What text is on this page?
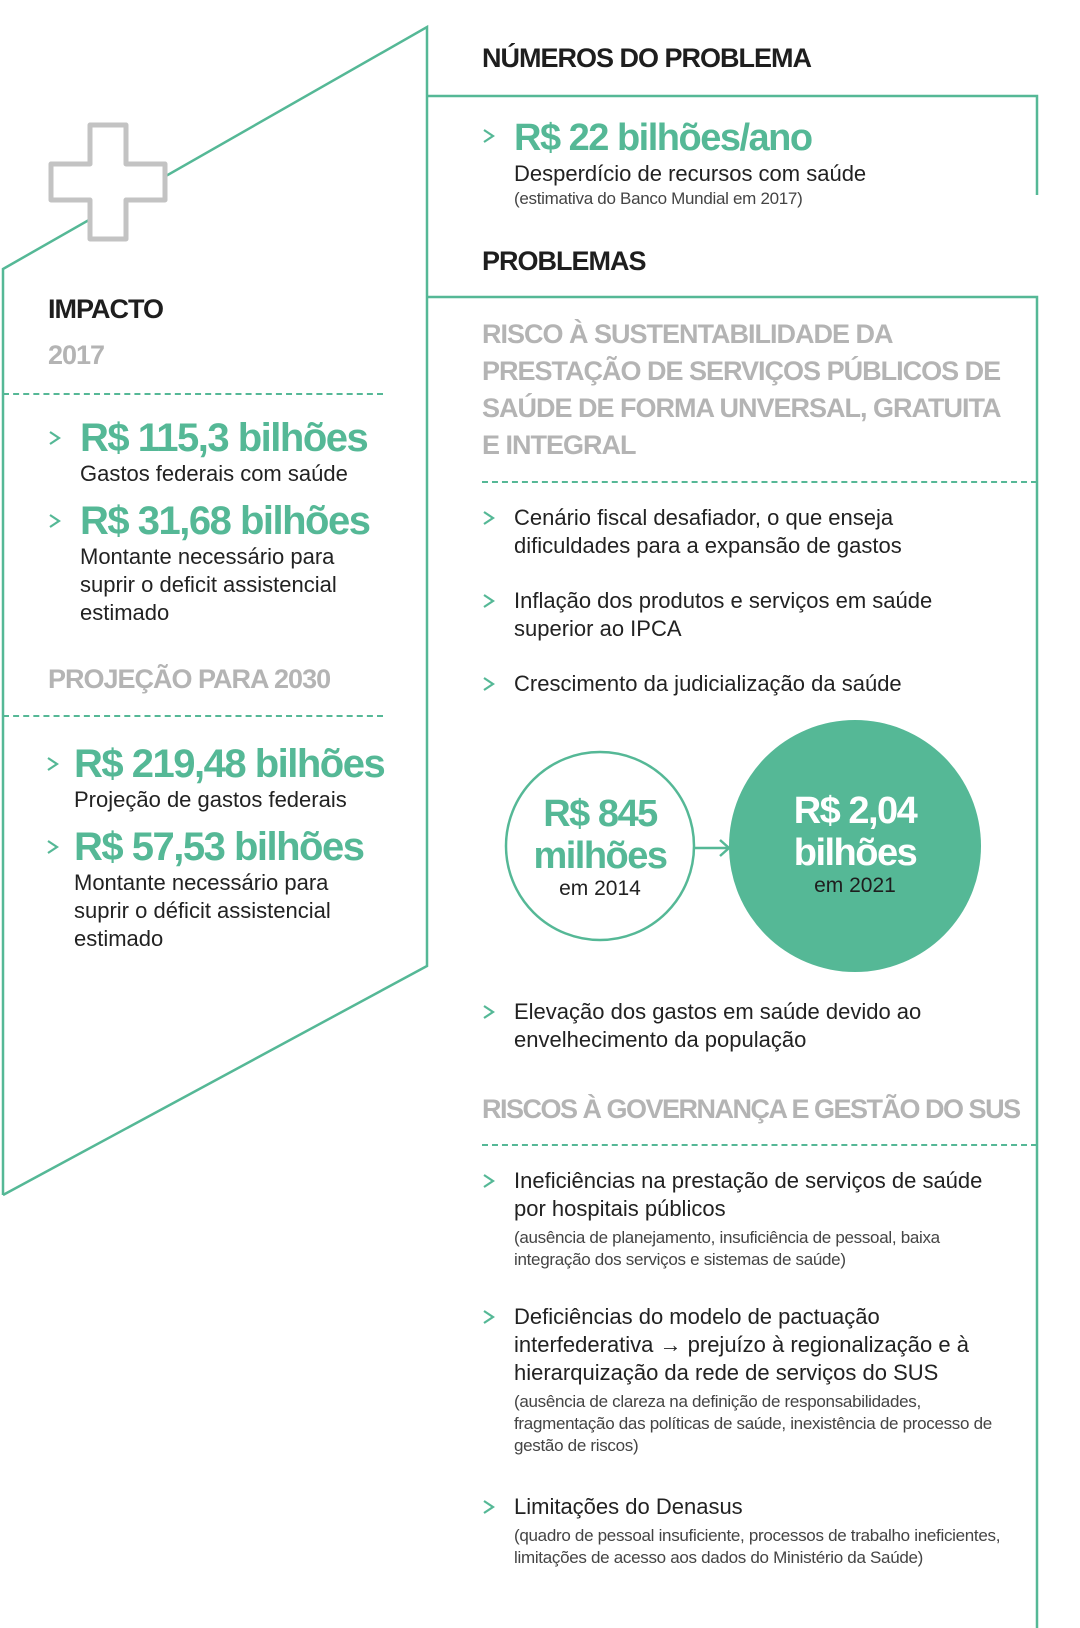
IMPACTO
2017
R$ 115,3 bilhões
Gastos federais com saúde
R$ 31,68 bilhões
Montante necessário para suprir o deficit assistencial estimado
PROJEÇÃO PARA 2030
R$ 219,48 bilhões
Projeção de gastos federais
R$ 57,53 bilhões
Montante necessário para suprir o déficit assistencial estimado
NÚMEROS DO PROBLEMA
R$ 22 bilhões/ano
Desperdício de recursos com saúde
(estimativa do Banco Mundial em 2017)
PROBLEMAS
RISCO À SUSTENTABILIDADE DA PRESTAÇÃO DE SERVIÇOS PÚBLICOS DE SAÚDE DE FORMA UNVERSAL, GRATUITA E INTEGRAL
Cenário fiscal desafiador, o que enseja dificuldades para a expansão de gastos
Inflação dos produtos e serviços em saúde superior ao IPCA
Crescimento da judicialização da saúde
R$ 845
milhões
em 2014
R$ 2,04
bilhões
em 2021
Elevação dos gastos em saúde devido ao envelhecimento da população
RISCOS À GOVERNANÇA E GESTÃO DO SUS
Ineficiências na prestação de serviços de saúde por hospitais públicos
(ausência de planejamento, insuficiência de pessoal, baixa integração dos serviços e sistemas de saúde)
Deficiências do modelo de pactuação interfederativa → prejuízo à regionalização e à hierarquização da rede de serviços do SUS
(ausência de clareza na definição de responsabilidades, fragmentação das políticas de saúde, inexistência de processo de gestão de riscos)
Limitações do Denasus
(quadro de pessoal insuficiente, processos de trabalho ineficientes, limitações de acesso aos dados do Ministério da Saúde)
